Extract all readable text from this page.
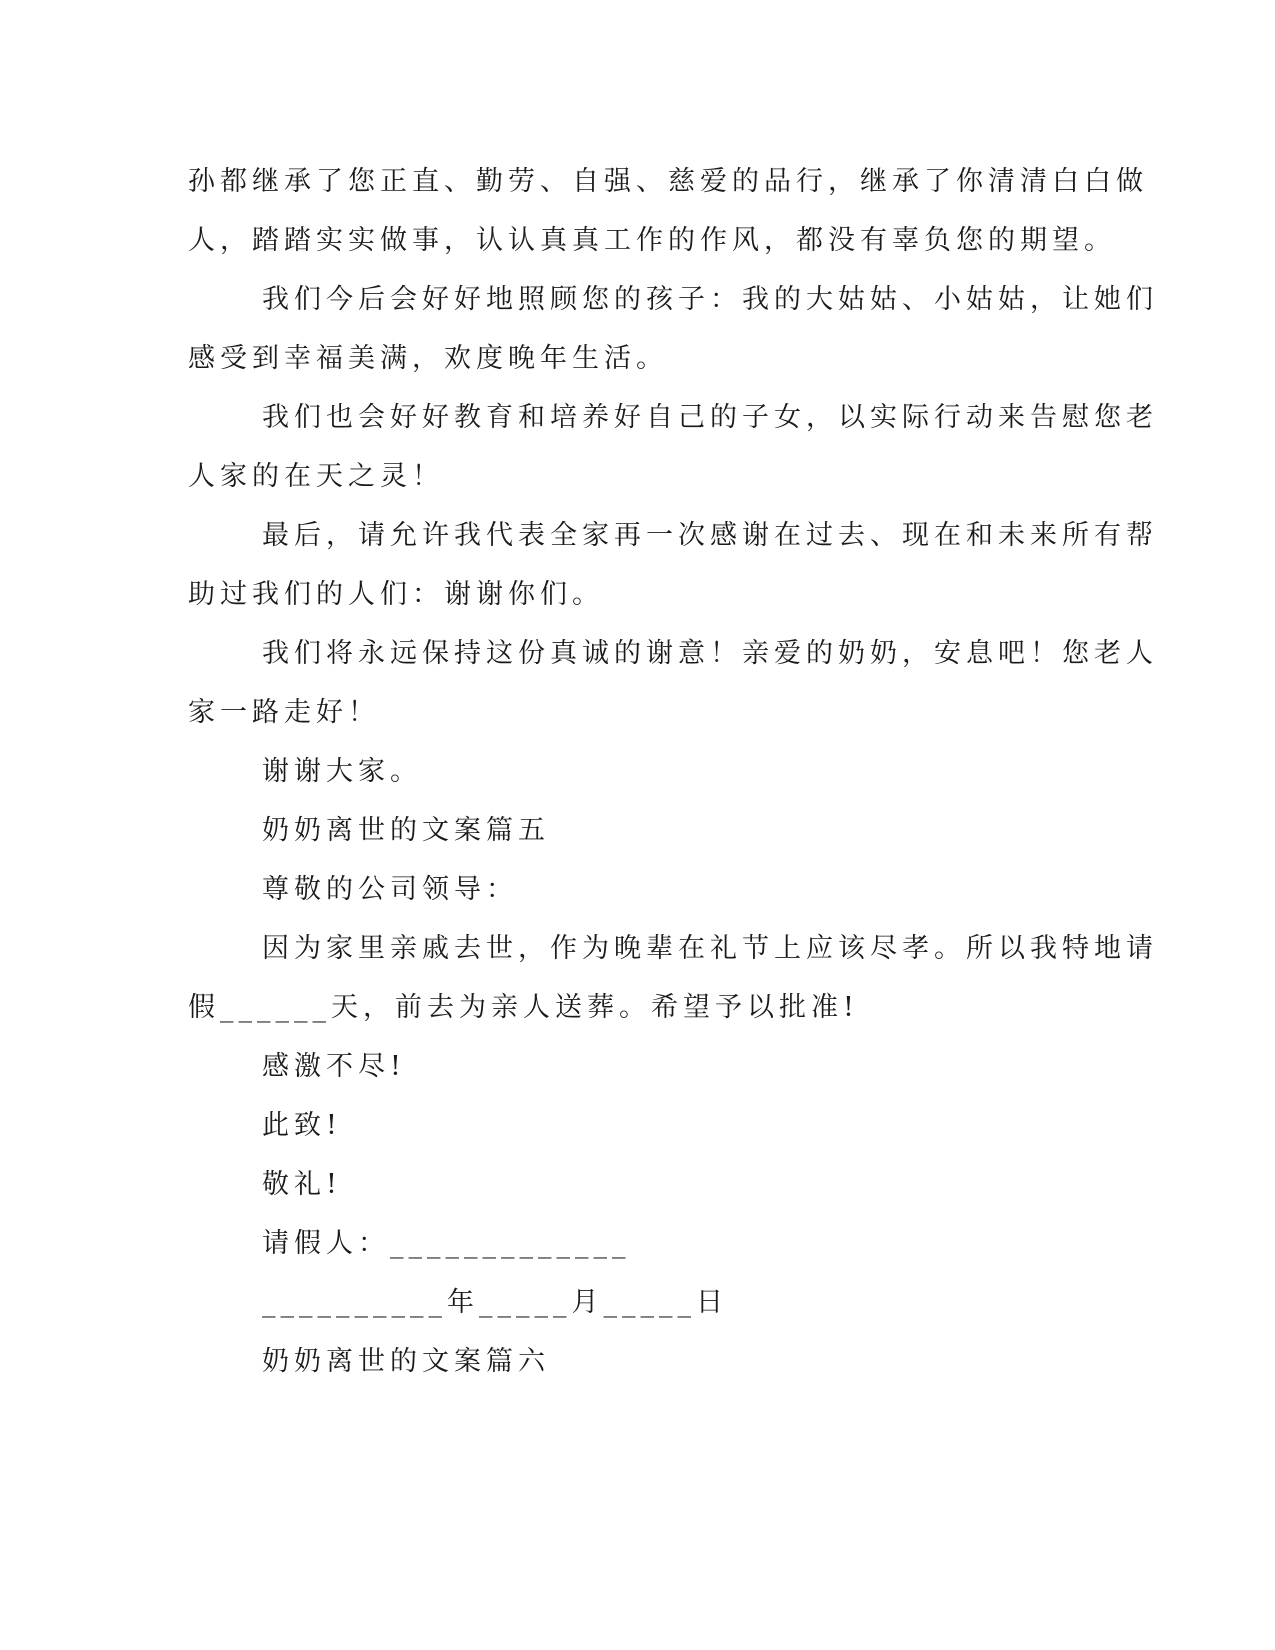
孙都继承了您正直、勤劳、自强、慈爱的品行，继承了你清清白白做
人，踏踏实实做事，认认真真工作的作风，都没有辜负您的期望。
我们今后会好好地照顾您的孩子：我的大姑姑、小姑姑，让她们
感受到幸福美满，欢度晚年生活。
我们也会好好教育和培养好自己的子女，以实际行动来告慰您老
人家的在天之灵！
最后，请允许我代表全家再一次感谢在过去、现在和未来所有帮
助过我们的人们：谢谢你们。
我们将永远保持这份真诚的谢意！亲爱的奶奶，安息吧！您老人
家一路走好！
谢谢大家。
奶奶离世的文案篇五
尊敬的公司领导：
因为家里亲戚去世，作为晚辈在礼节上应该尽孝。所以我特地请
假______天，前去为亲人送葬。希望予以批准!
感激不尽!
此致!
敬礼!
请假人：_____________
__________年_____月_____日
奶奶离世的文案篇六
